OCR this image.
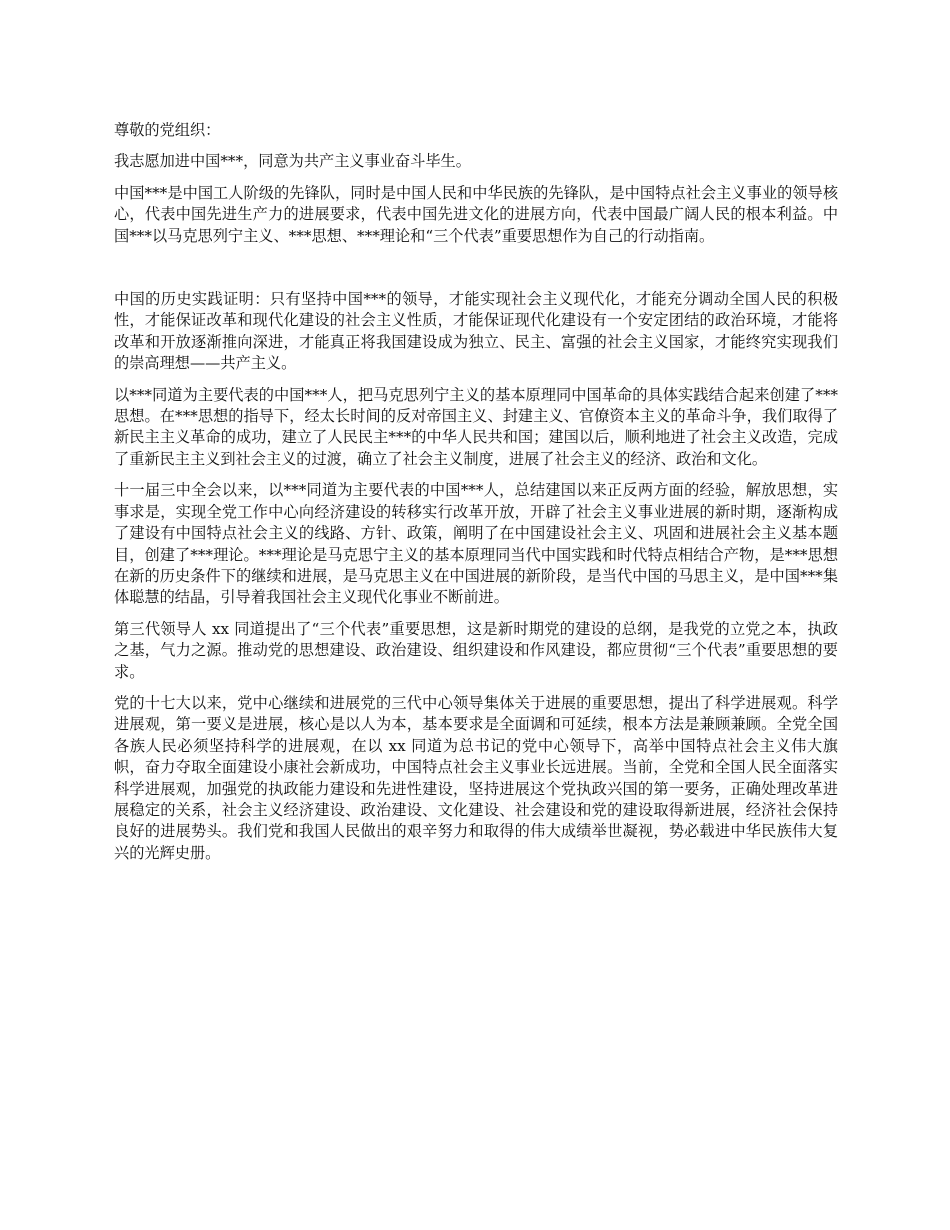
尊敬的党组织：

我志愿加进中国***，同意为共产主义事业奋斗毕生。

中国***是中国工人阶级的先锋队，同时是中国人民和中华民族的先锋队，是中国特点社会主义事业的领导核心，代表中国先进生产力的进展要求，代表中国先进文化的进展方向，代表中国最广阔人民的根本利益。中国***以马克思列宁主义、***思想、***理论和“三个代表”重要思想作为自己的行动指南。

中国的历史实践证明：只有坚持中国***的领导，才能实现社会主义现代化，才能充分调动全国人民的积极性，才能保证改革和现代化建设的社会主义性质，才能保证现代化建设有一个安定团结的政治环境，才能将改革和开放逐渐推向深进，才能真正将我国建设成为独立、民主、富强的社会主义国家，才能终究实现我们的崇高理想——共产主义。

以***同道为主要代表的中国***人，把马克思列宁主义的基本原理同中国革命的具体实践结合起来创建了***思想。在***思想的指导下，经太长时间的反对帝国主义、封建主义、官僚资本主义的革命斗争，我们取得了新民主主义革命的成功，建立了人民民主***的中华人民共和国；建国以后，顺利地进了社会主义改造，完成了重新民主主义到社会主义的过渡，确立了社会主义制度，进展了社会主义的经济、政治和文化。

十一届三中全会以来，以***同道为主要代表的中国***人，总结建国以来正反两方面的经验，解放思想，实事求是，实现全党工作中心向经济建设的转移实行改革开放，开辟了社会主义事业进展的新时期，逐渐构成了建设有中国特点社会主义的线路、方针、政策，阐明了在中国建设社会主义、巩固和进展社会主义基本题目，创建了***理论。***理论是马克思宁主义的基本原理同当代中国实践和时代特点相结合产物，是***思想在新的历史条件下的继续和进展，是马克思主义在中国进展的新阶段，是当代中国的马思主义，是中国***集体聪慧的结晶，引导着我国社会主义现代化事业不断前进。

第三代领导人 xx 同道提出了“三个代表”重要思想，这是新时期党的建设的总纲，是我党的立党之本，执政之基，气力之源。推动党的思想建设、政治建设、组织建设和作风建设，都应贯彻“三个代表”重要思想的要求。

党的十七大以来，党中心继续和进展党的三代中心领导集体关于进展的重要思想，提出了科学进展观。科学进展观，第一要义是进展，核心是以人为本，基本要求是全面调和可延续，根本方法是兼顾兼顾。全党全国各族人民必须坚持科学的进展观，在以 xx 同道为总书记的党中心领导下，高举中国特点社会主义伟大旗帜，奋力夺取全面建设小康社会新成功，中国特点社会主义事业长远进展。当前，全党和全国人民全面落实科学进展观，加强党的执政能力建设和先进性建设，坚持进展这个党执政兴国的第一要务，正确处理改革进展稳定的关系，社会主义经济建设、政治建设、文化建设、社会建设和党的建设取得新进展，经济社会保持良好的进展势头。我们党和我国人民做出的艰辛努力和取得的伟大成绩举世凝视，势必载进中华民族伟大复兴的光辉史册。
